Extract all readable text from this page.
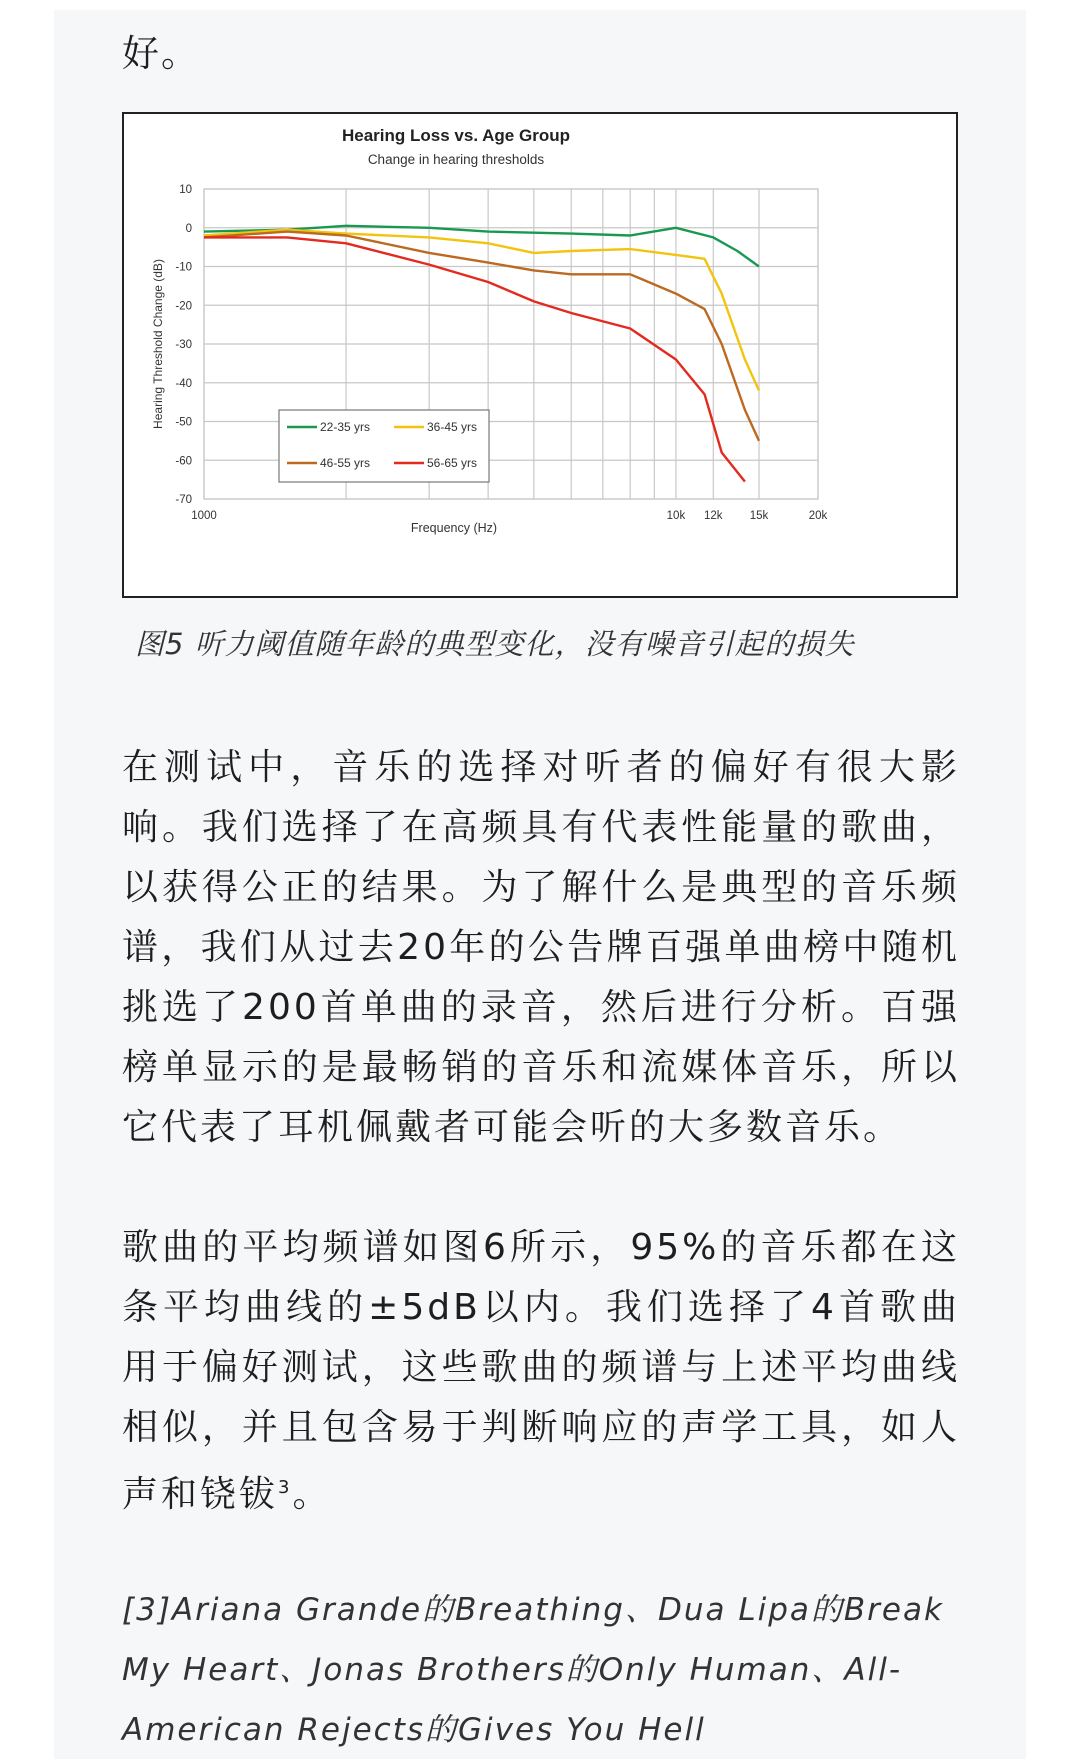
好。
10
0
-10
-20
-30
-40
-50
-60
-70
1000	10k 12k 15k	20k
Hearing Loss vs. Age Group
Change in hearing thresholds
Frequency (Hz)
Hearing Threshold Change (dB)	22-35 yrs	36-45 yrs
46-55 yrs	56-65 yrs
图5 听力阈值随年龄的典型变化，没有噪音引起的损失
在测试中，音乐的选择对听者的偏好有很大影响。我们选择了在高频具有代表性能量的歌曲，以获得公正的结果。为了解什么是典型的音乐频谱，我们从过去20年的公告牌百强单曲榜中随机挑选了200首单曲的录音，然后进行分析。百强榜单显示的是最畅销的音乐和流媒体音乐，所以它代表了耳机佩戴者可能会听的大多数音乐。
歌曲的平均频谱如图6所示，95%的音乐都在这条平均曲线的±5dB以内。我们选择了4首歌曲用于偏好测试，这些歌曲的频谱与上述平均曲线相似，并且包含易于判断响应的声学工具，如人声和铙钹$^3$。
[3]Ariana Grande的Breathing、Dua Lipa的Break My Heart、Jonas Brothers的Only Human、All-American Rejects的Gives You Hell
